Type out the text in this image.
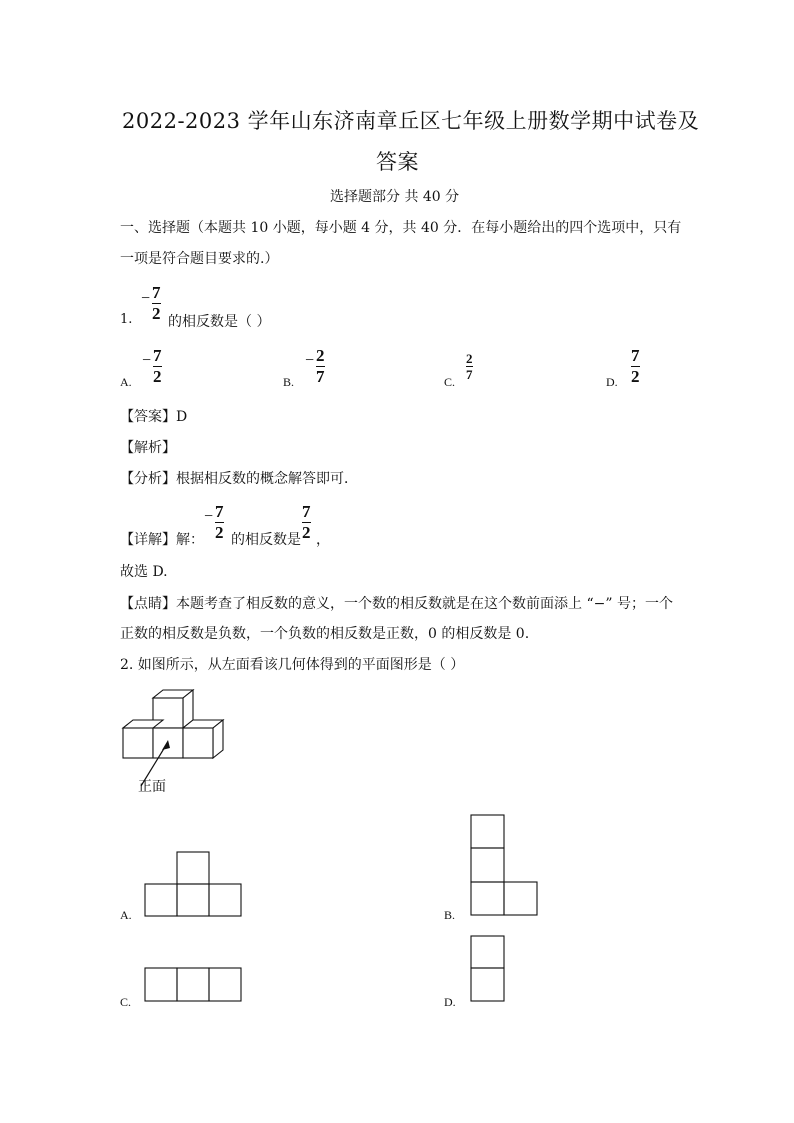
2022-2023 学年山东济南章丘区七年级上册数学期中试卷及
答案
选择题部分 共 40 分
一、选择题（本题共 10 小题，每小题 4 分，共 40 分．在每小题给出的四个选项中，只有
一项是符合题目要求的.）
1.
− 7
2 的相反数是（ ）
A.
− 7
2	B.
− 2
7	C.
2
7	D.
7
2
【答案】D
【解析】
【分析】根据相反数的概念解答即可．
【详解】解：
− 7
2 的相反数是
7
2 ，
故选 D.
【点睛】本题考查了相反数的意义，一个数的相反数就是在这个数前面添上 “−” 号；一个
正数的相反数是负数，一个负数的相反数是正数，0 的相反数是 0.
2. 如图所示，从左面看该几何体得到的平面图形是（ ）
正面
A.	B.
C.	D.
